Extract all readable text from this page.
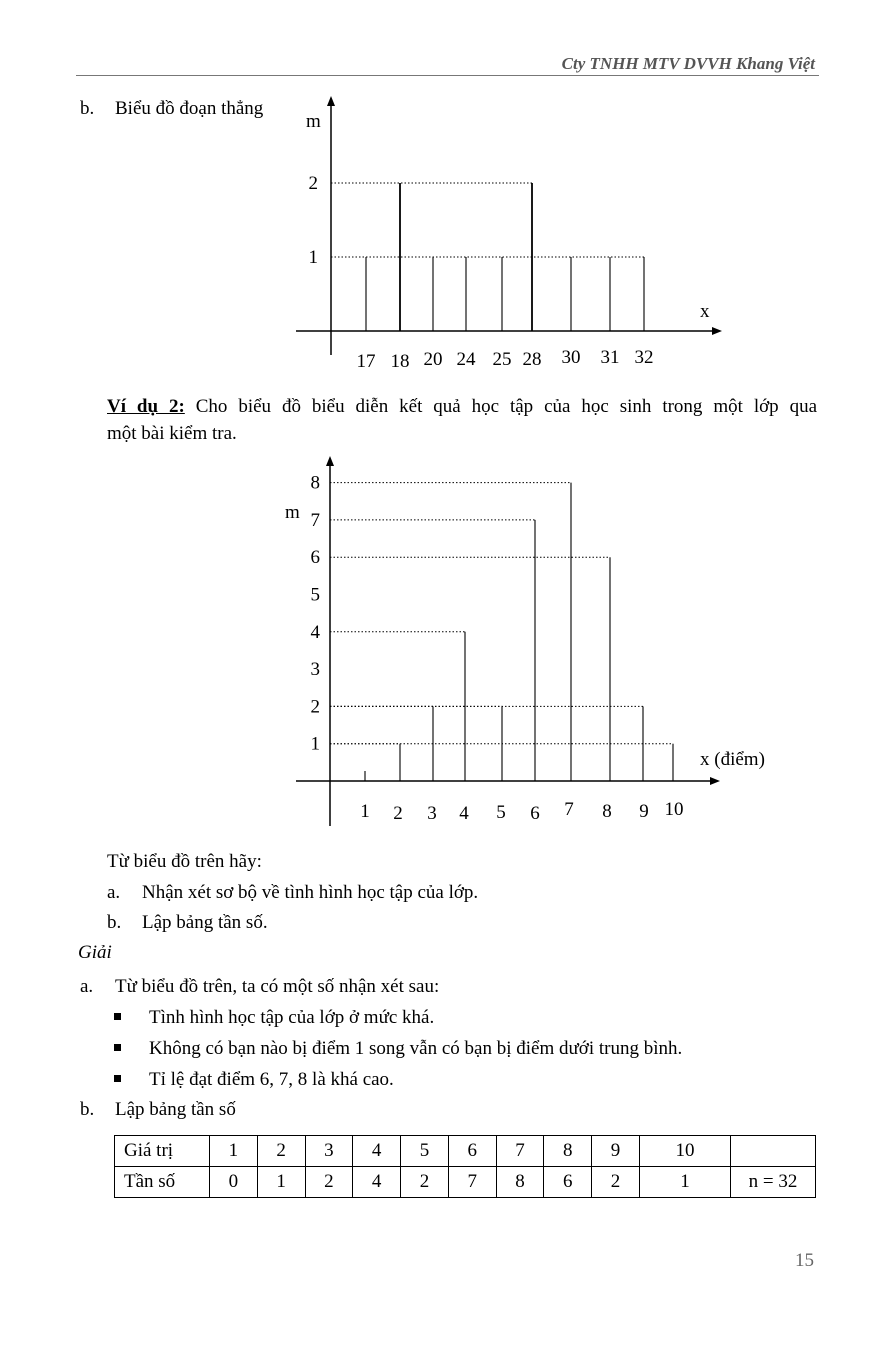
Cty TNHH MTV DVVH Khang Việt
b. Biểu đồ đoạn thẳng
17 18 20 24 25 28 30 31 32
1
2
x
m
Ví dụ 2: Cho biểu đồ biểu diễn kết quả học tập của học sinh trong một lớp qua
một bài kiểm tra.
1 2 3 4 5 6 7 8 9 10
1
2
3
4
5
6
7
8
x (điểm)
m
Từ biểu đồ trên hãy:
a. Nhận xét sơ bộ về tình hình học tập của lớp.
b. Lập bảng tần số.
Giải
a. Từ biểu đồ trên, ta có một số nhận xét sau:
Tình hình học tập của lớp ở mức khá.
Không có bạn nào bị điểm 1 song vẫn có bạn bị điểm dưới trung bình.
Tỉ lệ đạt điểm 6, 7, 8 là khá cao.
b. Lập bảng tần số
Giá trị	1	2	3	4	5	6	7	8	9	10	
Tần số	0	1	2	4	2	7	8	6	2	1	n = 32
15
